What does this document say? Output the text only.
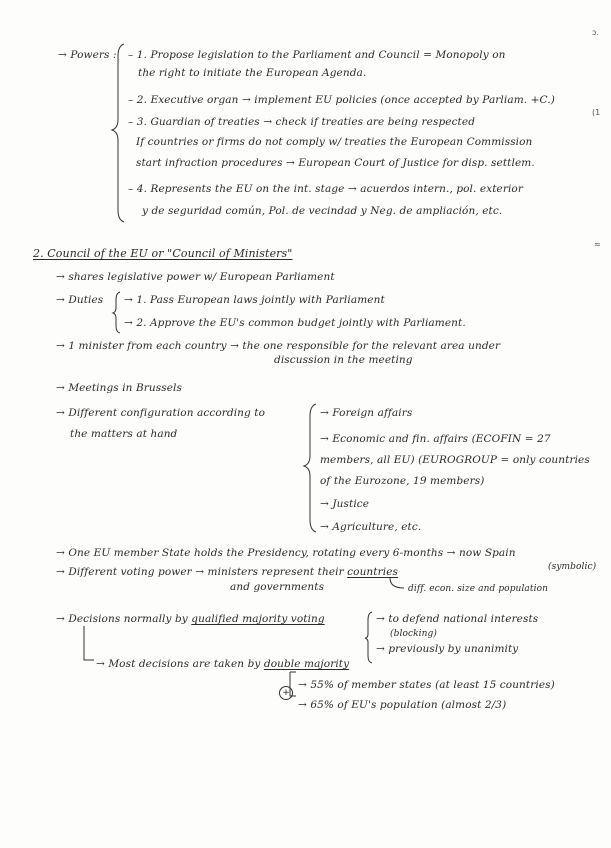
ɔ.
(1
≈
→ Powers : – 1. Propose legislation to the Parliament and Council = Monopoly on
the right to initiate the European Agenda.
– 2. Executive organ → implement EU policies (once accepted by Parliam. +C.)
– 3. Guardian of treaties → check if treaties are being respected
If countries or firms do not comply w/ treaties the European Commission
start infraction procedures → European Court of Justice for disp. settlem.
– 4. Represents the EU on the int. stage → acuerdos intern., pol. exterior
y de seguridad común, Pol. de vecindad y Neg. de ampliación, etc.
2. Council of the EU or "Council of Ministers"
→ shares legislative power w/ European Parliament
→ Duties → 1. Pass European laws jointly with Parliament
→ 2. Approve the EU's common budget jointly with Parliament.
→ 1 minister from each country → the one responsible for the relevant area under
discussion in the meeting
→ Meetings in Brussels
→ Different configuration according to
the matters at hand
→ Foreign affairs
→ Economic and fin. affairs (ECOFIN = 27
members, all EU) (EUROGROUP = only countries
of the Eurozone, 19 members)
→ Justice
→ Agriculture, etc.
→ One EU member State holds the Presidency, rotating every 6-months → now Spain
(symbolic)
→ Different voting power → ministers represent their countries
and governments	diff. econ. size and population
→ Decisions normally by qualified majority voting	→ to defend national interests
(blocking)
→ previously by unanimity
→ Most decisions are taken by double majority
+
→ 55% of member states (at least 15 countries)
→ 65% of EU's population (almost 2/3)
